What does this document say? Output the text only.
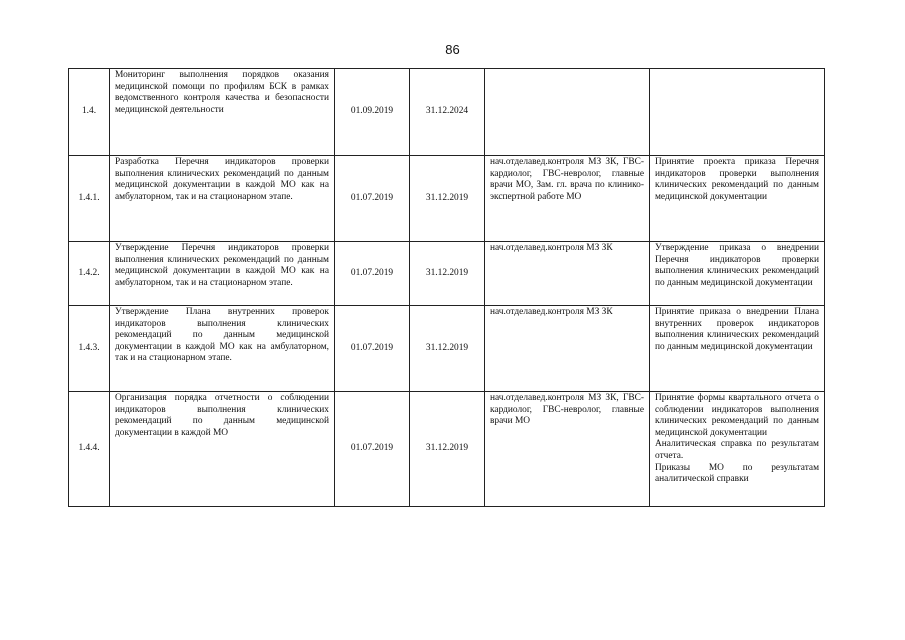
86
1.4.	Мониторинг выполнения порядков оказания медицинской помощи по профилям БСК в рамках ведомственного контроля качества и безопасности медицинской деятельности	01.09.2019	31.12.2024		
1.4.1.	Разработка Перечня индикаторов проверки выполнения клинических рекомендаций по данным медицинской документации в каждой МО как на амбулаторном, так и на стационарном этапе.	01.07.2019	31.12.2019	нач.отделавед.контроля МЗ ЗК, ГВС-кардиолог, ГВС-невролог, главные врачи МО, Зам. гл. врача по клинико-экспертной работе МО	Принятие проекта приказа Перечня индикаторов проверки выполнения клинических рекомендаций по данным медицинской документации

1.4.2.	Утверждение Перечня индикаторов проверки выполнения клинических рекомендаций по данным медицинской документации в каждой МО как на амбулаторном, так и на стационарном этапе.	01.07.2019	31.12.2019	нач.отделавед.контроля МЗ ЗК	Утверждение приказа о внедрении Перечня индикаторов проверки выполнения клинических рекомендаций по данным медицинской документации

1.4.3.	Утверждение Плана внутренних проверок индикаторов выполнения клинических рекомендаций по данным медицинской документации в каждой МО как на амбулаторном, так и на стационарном этапе.	01.07.2019	31.12.2019	нач.отделавед.контроля МЗ ЗК	Принятие приказа о внедрении Плана внутренних проверок индикаторов выполнения клинических рекомендаций по данным медицинской документации

1.4.4.	Организация порядка отчетности о соблюдении индикаторов выполнения клинических рекомендаций по данным медицинской документации в каждой МО	01.07.2019	31.12.2019	нач.отделавед.контроля МЗ ЗК, ГВС-кардиолог, ГВС-невролог, главные врачи МО	Принятие формы квартального отчета о соблюдении индикаторов выполнения клинических рекомендаций по данным медицинской документации
Аналитическая справка по результатам отчета.
Приказы МО по результатам аналитической справки
